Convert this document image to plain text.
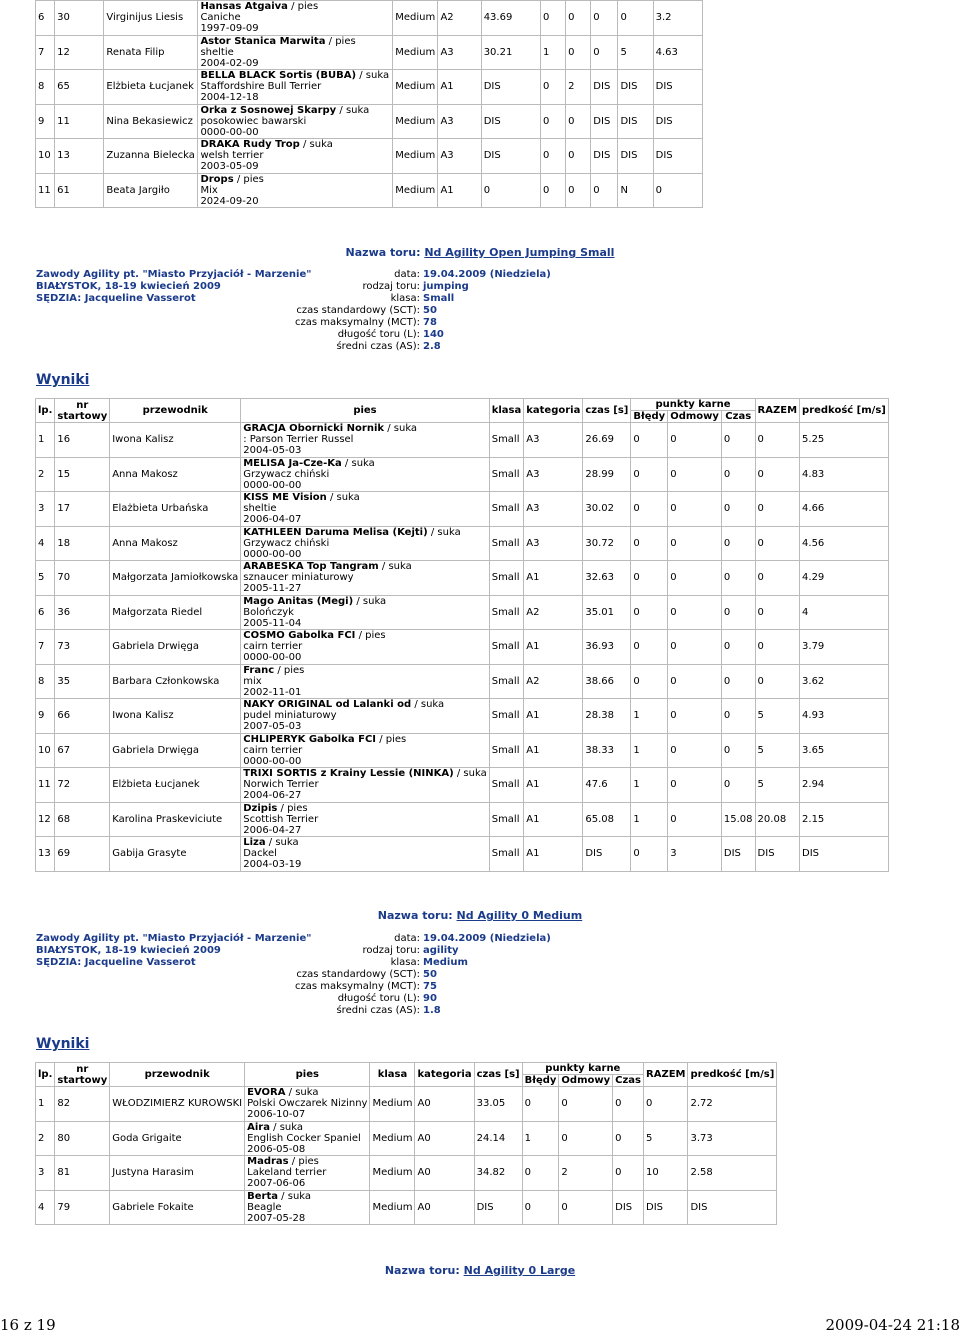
6	30	Virginijus Liesis	Hansas Atgaiva / pies
Caniche
1997-09-09	Medium	A2	43.69	0	0	0	0	3.2
7	12	Renata Filip	Astor Stanica Marwita / pies
sheltie
2004-02-09	Medium	A3	30.21	1	0	0	5	4.63
8	65	Elżbieta Łucjanek	BELLA BLACK Sortis (BUBA) / suka
Staffordshire Bull Terrier
2004-12-18	Medium	A1	DIS	0	2	DIS	DIS	DIS
9	11	Nina Bekasiewicz	Orka z Sosnowej Skarpy / suka
posokowiec bawarski
0000-00-00	Medium	A3	DIS	0	0	DIS	DIS	DIS
10	13	Zuzanna Bielecka	DRAKA Rudy Trop / suka
welsh terrier
2003-05-09	Medium	A3	DIS	0	0	DIS	DIS	DIS
11	61	Beata Jargiło	Drops / pies
Mix
2024-09-20	Medium	A1	0	0	0	0	N	0
Nazwa toru: Nd Agility Open Jumping Small
Zawody Agility pt. "Miasto Przyjaciół - Marzenie"
BIAŁYSTOK, 18-19 kwiecień 2009
SĘDZIA: Jacqueline Vasserot
data: 19.04.2009 (Niedziela)
rodzaj toru: jumping
klasa: Small
czas standardowy (SCT): 50
czas maksymalny (MCT): 78
długość toru (L): 140
średni czas (AS): 2.8
Wyniki
lp.	nr startowy	przewodnik	pies	klasa	kategoria	czas [s]	punkty karne			RAZEM	predkość [m/s]
							Błędy	Odmowy	Czas		
1	16	Iwona Kalisz	GRACJA Obornicki Nornik / suka
: Parson Terrier Russel
2004-05-03	Small	A3	26.69	0	0	0	0	5.25
2	15	Anna Makosz	MELISA Ja-Cze-Ka / suka
Grzywacz chiński
0000-00-00	Small	A3	28.99	0	0	0	0	4.83
3	17	Elażbieta Urbańska	KISS ME Vision / suka
sheltie
2006-04-07	Small	A3	30.02	0	0	0	0	4.66
4	18	Anna Makosz	KATHLEEN Daruma Melisa (Kejti) / suka
Grzywacz chiński
0000-00-00	Small	A3	30.72	0	0	0	0	4.56
5	70	Małgorzata Jamiołkowska	ARABESKA Top Tangram / suka
sznaucer miniaturowy
2005-11-27	Small	A1	32.63	0	0	0	0	4.29
6	36	Małgorzata Riedel	Mago Anitas (Megi) / suka
Bolończyk
2005-11-04	Small	A2	35.01	0	0	0	0	4
7	73	Gabriela Drwięga	COSMO Gabolka FCI / pies
cairn terrier
0000-00-00	Small	A1	36.93	0	0	0	0	3.79
8	35	Barbara Członkowska	Franc / pies
mix
2002-11-01	Small	A2	38.66	0	0	0	0	3.62
9	66	Iwona Kalisz	NAKY ORIGINAL od Lalanki od / suka
pudel miniaturowy
2007-05-03	Small	A1	28.38	1	0	0	5	4.93
10	67	Gabriela Drwięga	CHLIPERYK Gabolka FCI / pies
cairn terrier
0000-00-00	Small	A1	38.33	1	0	0	5	3.65
11	72	Elżbieta Łucjanek	TRIXI SORTIS z Krainy Lessie (NINKA) / suka
Norwich Terrier
2004-06-27	Small	A1	47.6	1	0	0	5	2.94
12	68	Karolina Praskeviciute	Dzipis / pies
Scottish Terrier
2006-04-27	Small	A1	65.08	1	0	15.08	20.08	2.15
13	69	Gabija Grasyte	Liza / suka
Dackel
2004-03-19	Small	A1	DIS	0	3	DIS	DIS	DIS
Nazwa toru: Nd Agility 0 Medium
Zawody Agility pt. "Miasto Przyjaciół - Marzenie"
BIAŁYSTOK, 18-19 kwiecień 2009
SĘDZIA: Jacqueline Vasserot
data: 19.04.2009 (Niedziela)
rodzaj toru: agility
klasa: Medium
czas standardowy (SCT): 50
czas maksymalny (MCT): 75
długość toru (L): 90
średni czas (AS): 1.8
Wyniki
lp.	nr startowy	przewodnik	pies	klasa	kategoria	czas [s]	punkty karne			RAZEM	predkość [m/s]
							Błędy	Odmowy	Czas		
1	82	WŁODZIMIERZ KUROWSKI	EVORA / suka
Polski Owczarek Nizinny
2006-10-07	Medium	A0	33.05	0	0	0	0	2.72
2	80	Goda Grigaite	Aira / suka
English Cocker Spaniel
2006-05-08	Medium	A0	24.14	1	0	0	5	3.73
3	81	Justyna Harasim	Madras / pies
Lakeland terrier
2007-06-06	Medium	A0	34.82	0	2	0	10	2.58
4	79	Gabriele Fokaite	Berta / suka
Beagle
2007-05-28	Medium	A0	DIS	0	0	DIS	DIS	DIS
Nazwa toru: Nd Agility 0 Large
16 z 19	2009-04-24 21:18
